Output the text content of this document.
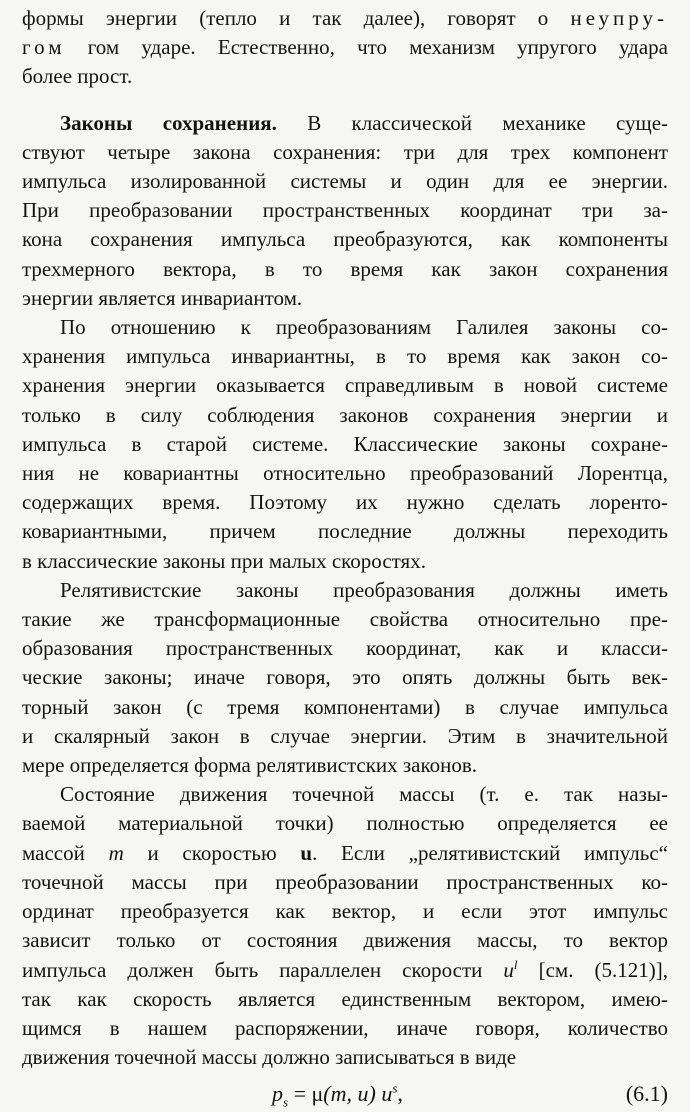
формы энергии (тепло и так далее), говорят о неупру-
гом гом ударе. Естественно, что механизм упругого удара
более прост.
Законы сохранения. В классической механике суще-
ствуют четыре закона сохранения: три для трех компонент
импульса изолированной системы и один для ее энергии.
При преобразовании пространственных координат три за-
кона сохранения импульса преобразуются, как компоненты
трехмерного вектора, в то время как закон сохранения
энергии является инвариантом.
По отношению к преобразованиям Галилея законы со-
хранения импульса инвариантны, в то время как закон со-
хранения энергии оказывается справедливым в новой системе
только в силу соблюдения законов сохранения энергии и
импульса в старой системе. Классические законы сохране-
ния не ковариантны относительно преобразований Лорентца,
содержащих время. Поэтому их нужно сделать лоренто-
ковариантными, причем последние должны переходить
в классические законы при малых скоростях.
Релятивистские законы преобразования должны иметь
такие же трансформационные свойства относительно пре-
образования пространственных координат, как и класси-
ческие законы; иначе говоря, это опять должны быть век-
торный закон (с тремя компонентами) в случае импульса
и скалярный закон в случае энергии. Этим в значительной
мере определяется форма релятивистских законов.
Состояние движения точечной массы (т. е. так назы-
ваемой материальной точки) полностью определяется ее
массой m и скоростью u. Если „релятивистский импульс“
точечной массы при преобразовании пространственных ко-
ординат преобразуется как вектор, и если этот импульс
зависит только от состояния движения массы, то вектор
импульса должен быть параллелен скорости $u^l$ [см. (5.121)],
так как скорость является единственным вектором, имею-
щимся в нашем распоряжении, иначе говоря, количество
движения точечной массы должно записываться в виде
$p_s = \mu(m$, u) $u^s$,	(6.1)
